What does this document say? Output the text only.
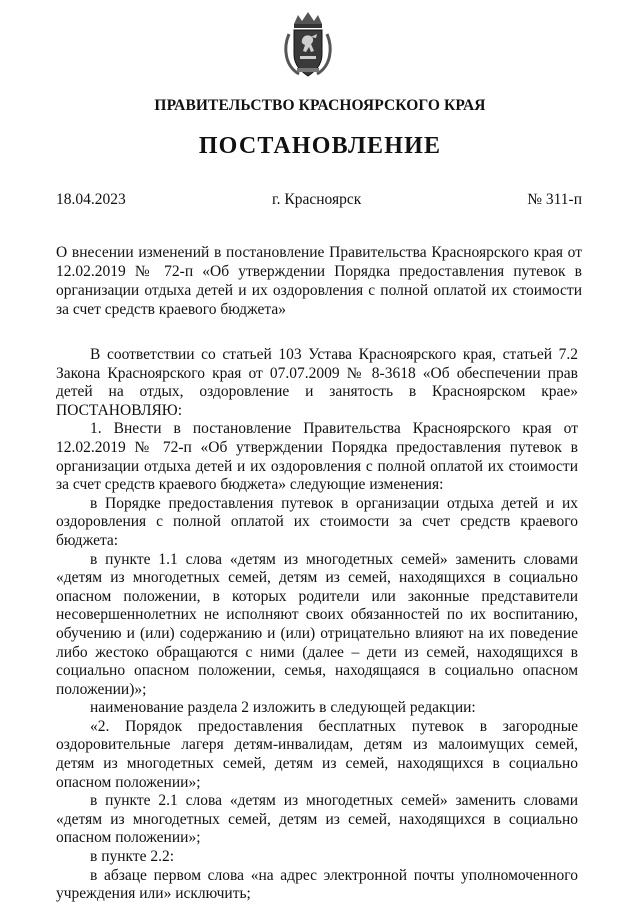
ПРАВИТЕЛЬСТВО КРАСНОЯРСКОГО КРАЯ
ПОСТАНОВЛЕНИЕ
18.04.2023	г. Красноярск	№ 311-п

О внесении изменений в постановление Правительства Красноярского края от 12.02.2019 № 72-п «Об утверждении Порядка предоставления путевок в организации отдыха детей и их оздоровления с полной оплатой их стоимости за счет средств краевого бюджета»

В соответствии со статьей 103 Устава Красноярского края, статьей 7.2 Закона Красноярского края от 07.07.2009 № 8-3618 «Об обеспечении прав детей на отдых, оздоровление и занятость в Красноярском крае» ПОСТАНОВЛЯЮ:

1. Внести в постановление Правительства Красноярского края от 12.02.2019 № 72-п «Об утверждении Порядка предоставления путевок в организации отдыха детей и их оздоровления с полной оплатой их стоимости за счет средств краевого бюджета» следующие изменения:

в Порядке предоставления путевок в организации отдыха детей и их оздоровления с полной оплатой их стоимости за счет средств краевого бюджета:

в пункте 1.1 слова «детям из многодетных семей» заменить словами «детям из многодетных семей, детям из семей, находящихся в социально опасном положении, в которых родители или законные представители несовершеннолетних не исполняют своих обязанностей по их воспитанию, обучению и (или) содержанию и (или) отрицательно влияют на их поведение либо жестоко обращаются с ними (далее – дети из семей, находящихся в социально опасном положении, семья, находящаяся в социально опасном положении)»;

наименование раздела 2 изложить в следующей редакции:

«2. Порядок предоставления бесплатных путевок в загородные оздоровительные лагеря детям-инвалидам, детям из малоимущих семей, детям из многодетных семей, детям из семей, находящихся в социально опасном положении»;

в пункте 2.1 слова «детям из многодетных семей» заменить словами «детям из многодетных семей, детям из семей, находящихся в социально опасном положении»;

в пункте 2.2:

в абзаце первом слова «на адрес электронной почты уполномоченного учреждения или» исключить;
